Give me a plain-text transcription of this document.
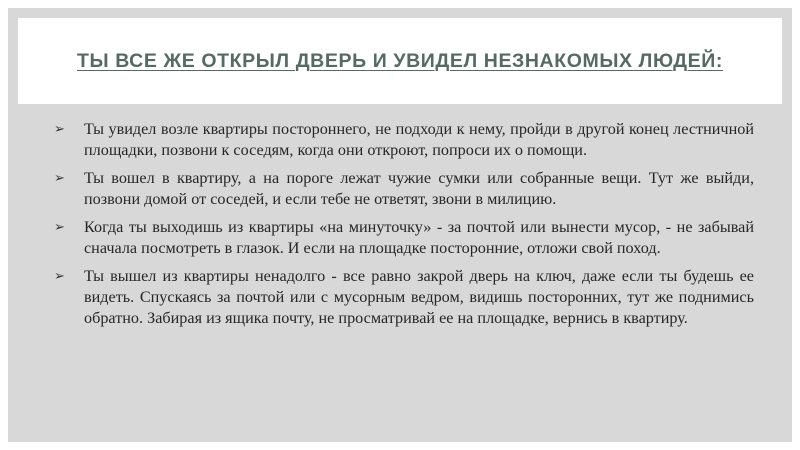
ТЫ ВСЕ ЖЕ ОТКРЫЛ ДВЕРЬ И УВИДЕЛ НЕЗНАКОМЫХ ЛЮДЕЙ:
➢ Ты увидел возле квартиры постороннего, не подходи к нему, пройди в другой конец лестничной площадки, позвони к соседям, когда они откроют, попроси их о помощи.
➢ Ты вошел в квартиру, а на пороге лежат чужие сумки или собранные вещи. Тут же выйди, позвони домой от соседей, и если тебе не ответят, звони в милицию.
➢ Когда ты выходишь из квартиры «на минуточку» - за почтой или вынести мусор, - не забывай сначала посмотреть в глазок. И если на площадке посторонние, отложи свой поход.
➢ Ты вышел из квартиры ненадолго - все равно закрой дверь на ключ, даже если ты будешь ее видеть. Спускаясь за почтой или с мусорным ведром, видишь посторонних, тут же поднимись обратно. Забирая из ящика почту, не просматривай ее на площадке, вернись в квартиру.
